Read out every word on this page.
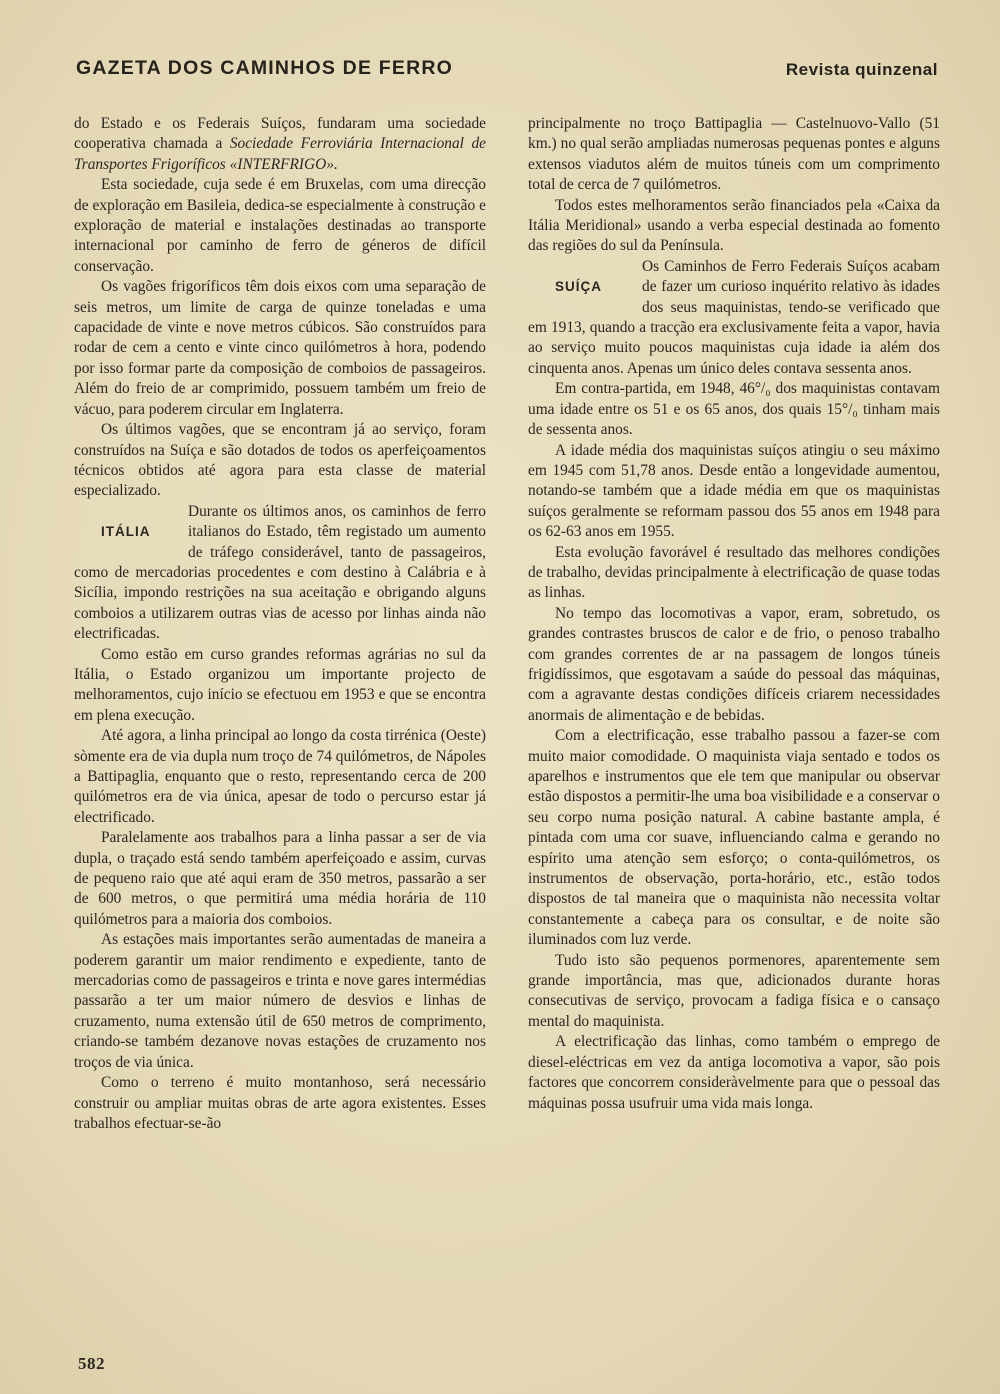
GAZETA DOS CAMINHOS DE FERRO	Revista quinzenal

do Estado e os Federais Suíços, fundaram uma sociedade cooperativa chamada a Sociedade Ferroviária Internacional de Transportes Frigoríficos «INTERFRIGO».

Esta sociedade, cuja sede é em Bruxelas, com uma direcção de exploração em Basileia, dedica-se especialmente à construção e exploração de material e instalações destinadas ao transporte internacional por caminho de ferro de géneros de difícil conservação.

Os vagões frigoríficos têm dois eixos com uma separação de seis metros, um limite de carga de quinze toneladas e uma capacidade de vinte e nove metros cúbicos. São construídos para rodar de cem a cento e vinte cinco quilómetros à hora, podendo por isso formar parte da composição de comboios de passageiros. Além do freio de ar comprimido, possuem também um freio de vácuo, para poderem circular em Inglaterra.

Os últimos vagões, que se encontram já ao serviço, foram construídos na Suíça e são dotados de todos os aperfeiçoamentos técnicos obtidos até agora para esta classe de material especializado.

ITÁLIA

Durante os últimos anos, os caminhos de ferro italianos do Estado, têm registado um aumento de tráfego considerável, tanto de passageiros, como de mercadorias procedentes e com destino à Calábria e à Sicília, impondo restrições na sua aceitação e obrigando alguns comboios a utilizarem outras vias de acesso por linhas ainda não electrificadas.

Como estão em curso grandes reformas agrárias no sul da Itália, o Estado organizou um importante projecto de melhoramentos, cujo início se efectuou em 1953 e que se encontra em plena execução.

Até agora, a linha principal ao longo da costa tirrénica (Oeste) sòmente era de via dupla num troço de 74 quilómetros, de Nápoles a Battipaglia, enquanto que o resto, representando cerca de 200 quilómetros era de via única, apesar de todo o percurso estar já electrificado.

Paralelamente aos trabalhos para a linha passar a ser de via dupla, o traçado está sendo também aperfeiçoado e assim, curvas de pequeno raio que até aqui eram de 350 metros, passarão a ser de 600 metros, o que permitirá uma média horária de 110 quilómetros para a maioria dos comboios.

As estações mais importantes serão aumentadas de maneira a poderem garantir um maior rendimento e expediente, tanto de mercadorias como de passageiros e trinta e nove gares intermédias passarão a ter um maior número de desvios e linhas de cruzamento, numa extensão útil de 650 metros de comprimento, criando-se também dezanove novas estações de cruzamento nos troços de via única.

Como o terreno é muito montanhoso, será necessário construir ou ampliar muitas obras de arte agora existentes. Esses trabalhos efectuar-se-ão

principalmente no troço Battipaglia — Castelnuovo-Vallo (51 km.) no qual serão ampliadas numerosas pequenas pontes e alguns extensos viadutos além de muitos túneis com um comprimento total de cerca de 7 quilómetros.

Todos estes melhoramentos serão financiados pela «Caixa da Itália Meridional» usando a verba especial destinada ao fomento das regiões do sul da Península.

SUÍÇA

Os Caminhos de Ferro Federais Suíços acabam de fazer um curioso inquérito relativo às idades dos seus maquinistas, tendo-se verificado que em 1913, quando a tracção era exclusivamente feita a vapor, havia ao serviço muito poucos maquinistas cuja idade ia além dos cinquenta anos. Apenas um único deles contava sessenta anos.

Em contra-partida, em 1948, 46°/₀ dos maquinistas contavam uma idade entre os 51 e os 65 anos, dos quais 15°/₀ tinham mais de sessenta anos.

A idade média dos maquinistas suíços atingiu o seu máximo em 1945 com 51,78 anos. Desde então a longevidade aumentou, notando-se também que a idade média em que os maquinistas suíços geralmente se reformam passou dos 55 anos em 1948 para os 62-63 anos em 1955.

Esta evolução favorável é resultado das melhores condições de trabalho, devidas principalmente à electrificação de quase todas as linhas.

No tempo das locomotivas a vapor, eram, sobretudo, os grandes contrastes bruscos de calor e de frio, o penoso trabalho com grandes correntes de ar na passagem de longos túneis frigidíssimos, que esgotavam a saúde do pessoal das máquinas, com a agravante destas condições difíceis criarem necessidades anormais de alimentação e de bebidas.

Com a electrificação, esse trabalho passou a fazer-se com muito maior comodidade. O maquinista viaja sentado e todos os aparelhos e instrumentos que ele tem que manipular ou observar estão dispostos a permitir-lhe uma boa visibilidade e a conservar o seu corpo numa posição natural. A cabine bastante ampla, é pintada com uma cor suave, influenciando calma e gerando no espírito uma atenção sem esforço; o conta-quilómetros, os instrumentos de observação, porta-horário, etc., estão todos dispostos de tal maneira que o maquinista não necessita voltar constantemente a cabeça para os consultar, e de noite são iluminados com luz verde.

Tudo isto são pequenos pormenores, aparentemente sem grande importância, mas que, adicionados durante horas consecutivas de serviço, provocam a fadiga física e o cansaço mental do maquinista.

A electrificação das linhas, como também o emprego de diesel-eléctricas em vez da antiga locomotiva a vapor, são pois factores que concorrem consideràvelmente para que o pessoal das máquinas possa usufruir uma vida mais longa.

582
